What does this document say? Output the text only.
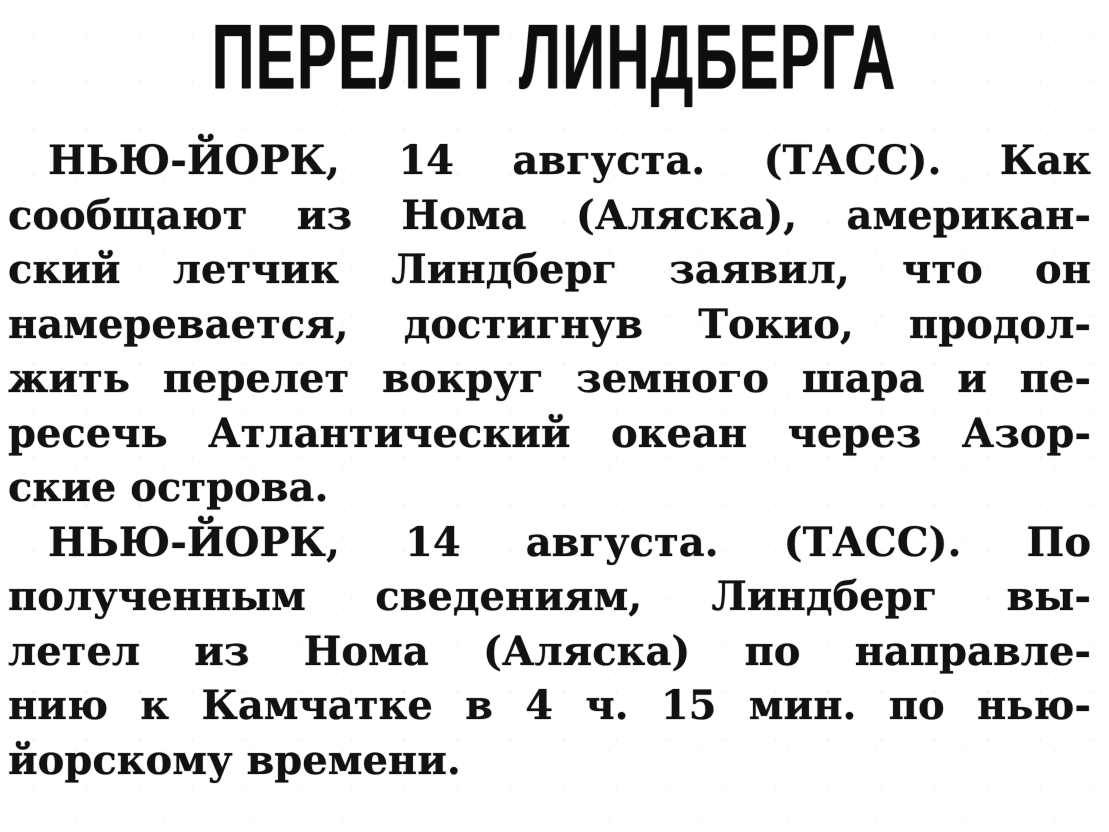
ПЕРЕЛЕТ ЛИНДБЕРГА
НЬЮ-ЙОРК, 14 августа. (ТАСС). Как
сообщают из Нома (Аляска), американ-
ский летчик Линдберг заявил, что он
намеревается, достигнув Токио, продол-
жить перелет вокруг земного шара и пе-
ресечь Атлантический океан через Азор-
ские острова.
НЬЮ-ЙОРК, 14 августа. (ТАСС). По
полученным сведениям, Линдберг вы-
летел из Нома (Аляска) по направле-
нию к Камчатке в 4 ч. 15 мин. по нью-
йорскому времени.
